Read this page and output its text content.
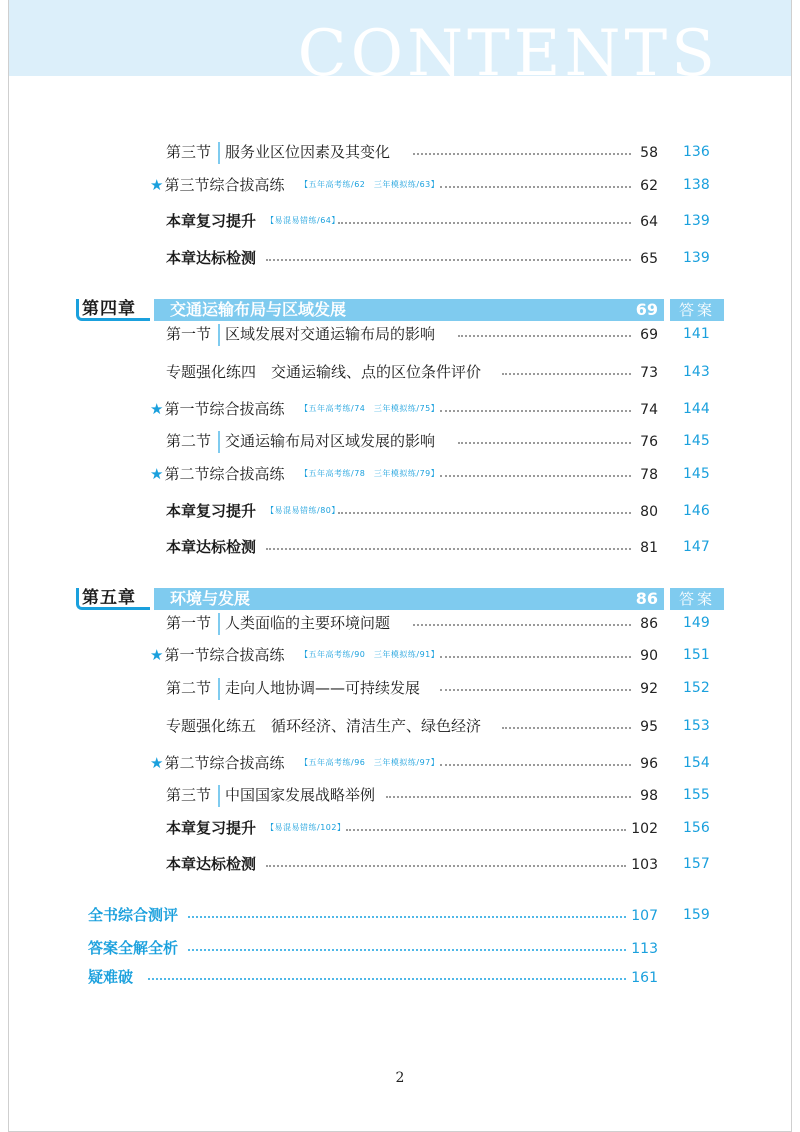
CONTENTS
第三节 服务业区位因素及其变化	58 136
★第三节综合拔高练 【五年高考练/62　三年模拟练/63】	62 138
本章复习提升 【易混易错练/64】	64 139
本章达标检测	65 139
第四章 交通运输布局与区域发展	69 答案
第一节 区域发展对交通运输布局的影响	69 141
专题强化练四　交通运输线、点的区位条件评价	73 143
★第一节综合拔高练 【五年高考练/74　三年模拟练/75】	74 144
第二节 交通运输布局对区域发展的影响	76 145
★第二节综合拔高练 【五年高考练/78　三年模拟练/79】	78 145
本章复习提升 【易混易错练/80】	80 146
本章达标检测	81 147
第五章 环境与发展	86 答案
第一节 人类面临的主要环境问题	86 149
★第一节综合拔高练 【五年高考练/90　三年模拟练/91】	90 151
第二节 走向人地协调——可持续发展	92 152
专题强化练五　循环经济、清洁生产、绿色经济	95 153
★第二节综合拔高练 【五年高考练/96　三年模拟练/97】	96 154
第三节 中国国家发展战略举例	98 155
本章复习提升 【易混易错练/102】	102 156
本章达标检测	103 157
全书综合测评	107 159
答案全解全析	113
疑难破	161
2
